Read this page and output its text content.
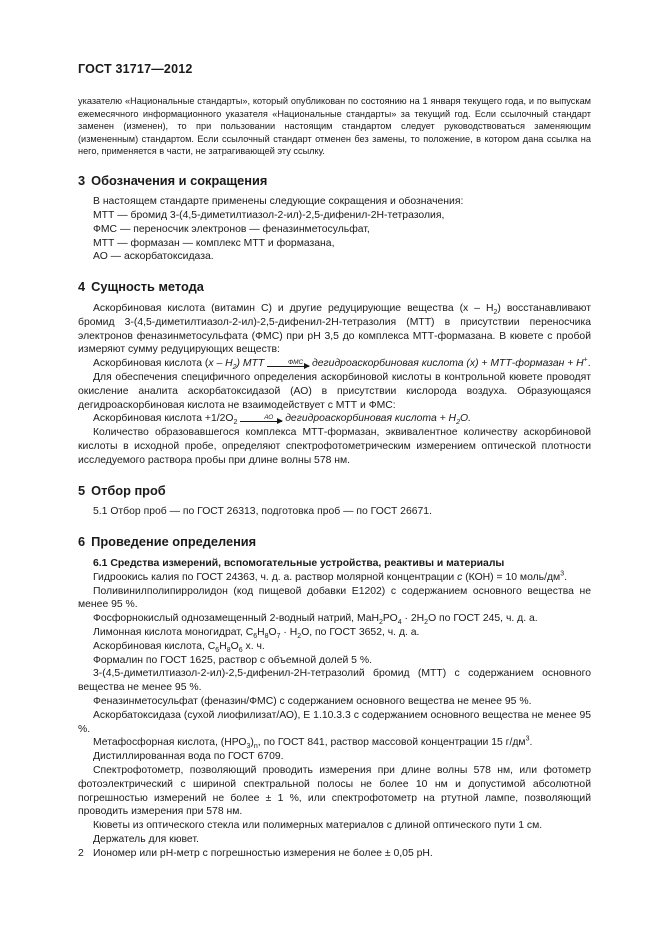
ГОСТ 31717—2012
указателю «Национальные стандарты», который опубликован по состоянию на 1 января текущего года, и по выпускам ежемесячного информационного указателя «Национальные стандарты» за текущий год. Если ссылочный стандарт заменен (изменен), то при пользовании настоящим стандартом следует руководствоваться заменяющим (измененным) стандартом. Если ссылочный стандарт отменен без замены, то положение, в котором дана ссылка на него, применяется в части, не затрагивающей эту ссылку.
3 Обозначения и сокращения
В настоящем стандарте применены следующие сокращения и обозначения:
МТТ — бромид 3-(4,5-диметилтиазол-2-ил)-2,5-дифенил-2Н-тетразолия,
ФМС — переносчик электронов — феназинметосульфат,
МТТ — формазан — комплекс МТТ и формазана,
АО — аскорбатоксидаза.
4 Сущность метода
Аскорбиновая кислота (витамин С) и другие редуцирующие вещества $(х - Н_2)$ восстанавливают бромид 3-(4,5-диметилтиазол-2-ил)-2,5-дифенил-2Н-тетразолия (МТТ) в присутствии переносчика электронов феназинметосульфата (ФМС) при рН 3,5 до комплекса МТТ-формазана. В кювете с пробой измеряют сумму редуцирующих веществ:
Аскорбиновая кислота $(х - Н_2)$ МТТ	ФМС дегидроаскорбиновая кислота (х) + МТТ-формазан + Н+.
Для обеспечения специфичного определения аскорбиновой кислоты в контрольной кювете проводят окисление аналита аскорбатоксидазой (АО) в присутствии кислорода воздуха. Образующаяся дегидроаскорбиновая кислота не взаимодействует с МТТ и ФМС:
Аскорбиновая кислота $+1/2O_2$
АО	дегидроаскорбиновая кислота + $Н_2О$.
Количество образовавшегося комплекса МТТ-формазан, эквивалентное количеству аскорбиновой кислоты в исходной пробе, определяют спектрофотометрическим измерением оптической плотности исследуемого раствора пробы при длине волны 578 нм.
5 Отбор проб
5.1 Отбор проб — по ГОСТ 26313, подготовка проб — по ГОСТ 26671.
6 Проведение определения
6.1 Средства измерений, вспомогательные устройства, реактивы и материалы
Гидроокись калия по ГОСТ 24363, ч. д. а. раствор молярной концентрации с (КОН) = 10 моль/$дм^3$.
Поливинилполипирролидон (код пищевой добавки Е1202) с содержанием основного вещества не менее 95 %.
Фосфорнокислый однозамещенный 2-водный натрий, $МаН_2РО_4 \cdot 2Н_2О$ по ГОСТ 245, ч. д. а.
Лимонная кислота моногидрат, $С_6Н_8О_7 \cdot Н_2О$, по ГОСТ 3652, ч. д. а.
Аскорбиновая кислота, $С_6Н_8О_6$ х. ч.
Формалин по ГОСТ 1625, раствор с объемной долей 5 %.
3-(4,5-диметилтиазол-2-ил)-2,5-дифенил-2Н-тетразолий бромид (МТТ) с содержанием основного вещества не менее 95 %.
Феназинметосульфат (феназин/ФМС) с содержанием основного вещества не менее 95 %.
Аскорбатоксидаза (сухой лиофилизат/АО), Е 1.10.3.3 с содержанием основного вещества не менее 95 %.
Метафосфорная кислота, $(НРО_3)_n$, по ГОСТ 841, раствор массовой концентрации 15 $г/дм^3$.
Дистиллированная вода по ГОСТ 6709.
Спектрофотометр, позволяющий проводить измерения при длине волны 578 нм, или фотометр фотоэлектрический с шириной спектральной полосы не более 10 нм и допустимой абсолютной погрешностью измерений не более ± 1 %, или спектрофотометр на ртутной лампе, позволяющий проводить измерения при 578 нм.
Кюветы из оптического стекла или полимерных материалов с длиной оптического пути 1 см.
Держатель для кювет.
Иономер или рН-метр с погрешностью измерения не более ± 0,05 рН.
2
